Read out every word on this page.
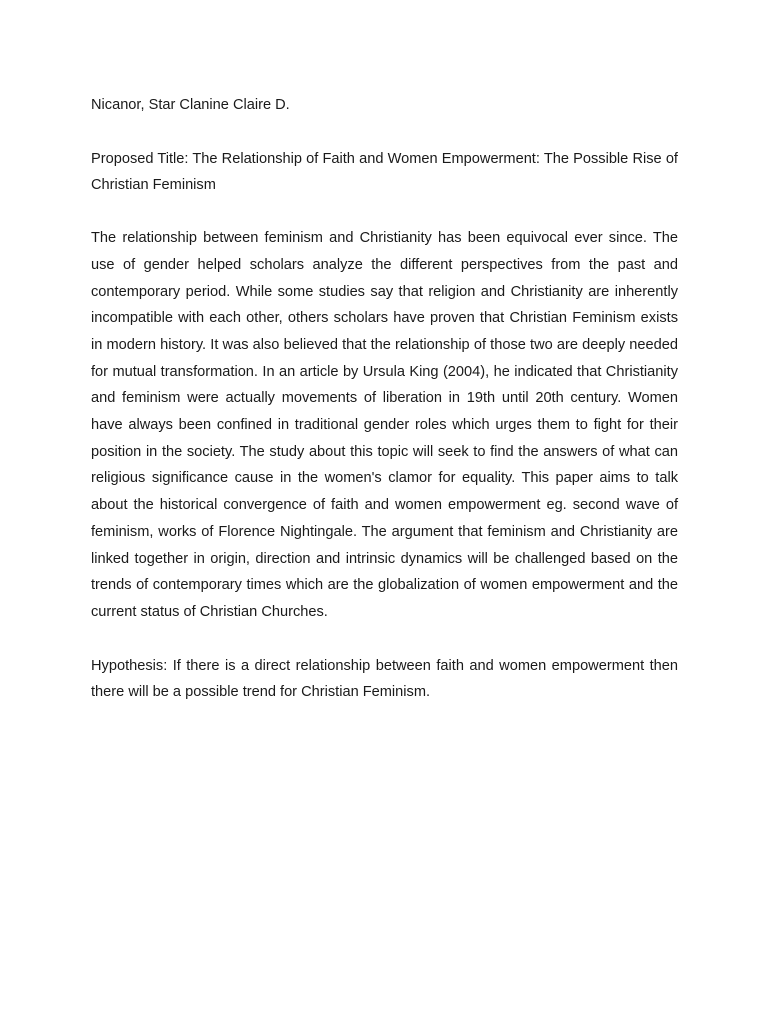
Nicanor, Star Clanine Claire D.

Proposed Title: The Relationship of Faith and Women Empowerment: The Possible Rise of Christian Feminism

The relationship between feminism and Christianity has been equivocal ever since. The use of gender helped scholars analyze the different perspectives from the past and contemporary period. While some studies say that religion and Christianity are inherently incompatible with each other, others scholars have proven that Christian Feminism exists in modern history. It was also believed that the relationship of those two are deeply needed for mutual transformation. In an article by Ursula King (2004), he indicated that Christianity and feminism were actually movements of liberation in 19th until 20th century. Women have always been confined in traditional gender roles which urges them to fight for their position in the society. The study about this topic will seek to find the answers of what can religious significance cause in the women's clamor for equality. This paper aims to talk about the historical convergence of faith and women empowerment eg. second wave of feminism, works of Florence Nightingale. The argument that feminism and Christianity are linked together in origin, direction and intrinsic dynamics will be challenged based on the trends of contemporary times which are the globalization of women empowerment and the current status of Christian Churches.

Hypothesis: If there is a direct relationship between faith and women empowerment then there will be a possible trend for Christian Feminism.
